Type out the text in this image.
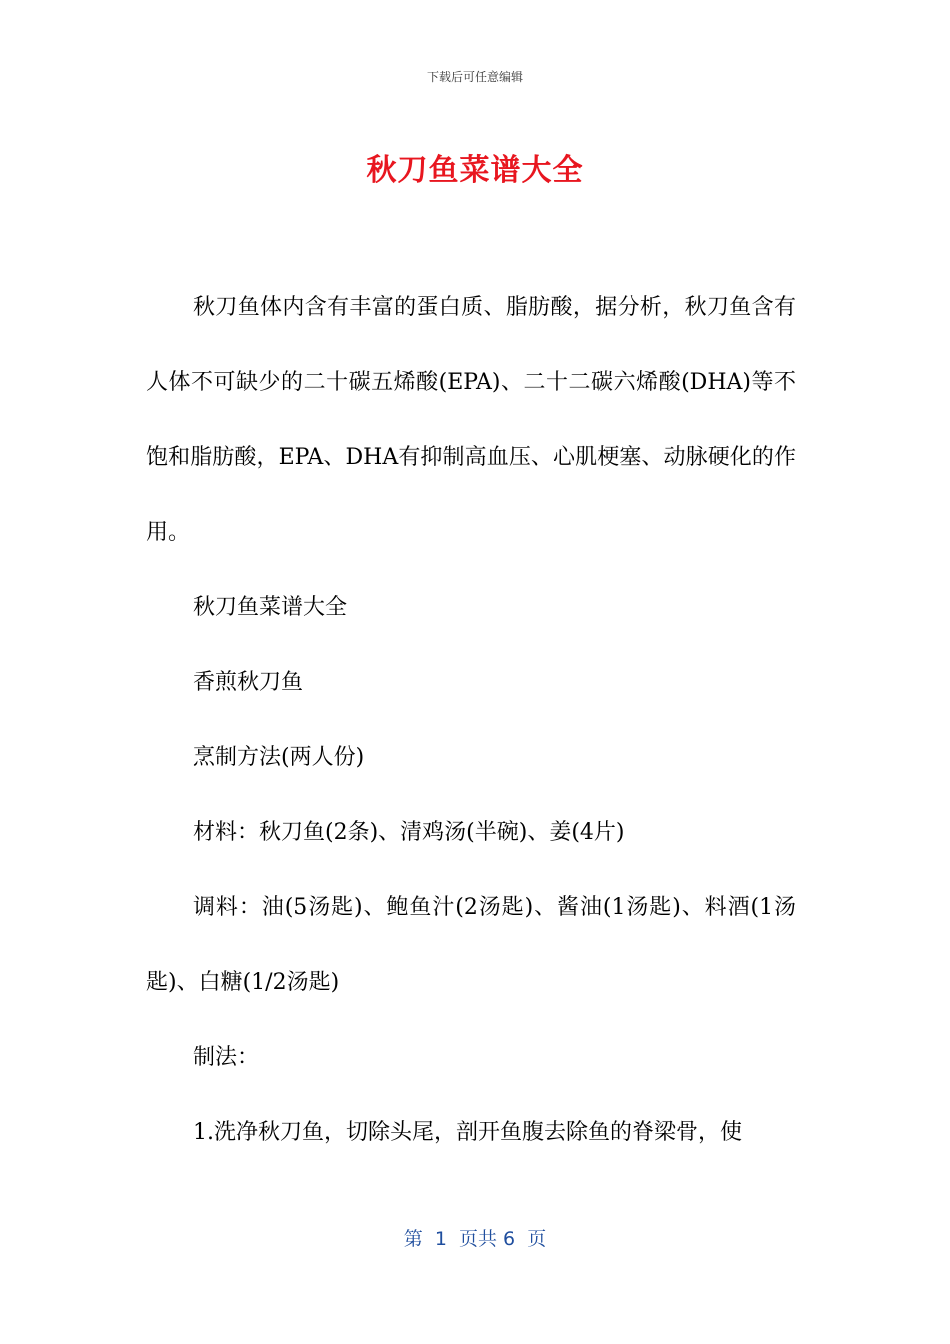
下载后可任意编辑
秋刀鱼菜谱大全

秋刀鱼体内含有丰富的蛋白质、脂肪酸，据分析，秋刀鱼含有人体不可缺少的二十碳五烯酸(EPA)、二十二碳六烯酸(DHA)等不饱和脂肪酸，EPA、DHA有抑制高血压、心肌梗塞、动脉硬化的作用。

秋刀鱼菜谱大全

香煎秋刀鱼

烹制方法(两人份)

材料：秋刀鱼(2条)、清鸡汤(半碗)、姜(4片)

调料：油(5汤匙)、鲍鱼汁(2汤匙)、酱油(1汤匙)、料酒(1汤匙)、白糖(1/2汤匙)

制法：

1.洗净秋刀鱼，切除头尾，剖开鱼腹去除鱼的脊梁骨，使

第  1  页共 6  页
